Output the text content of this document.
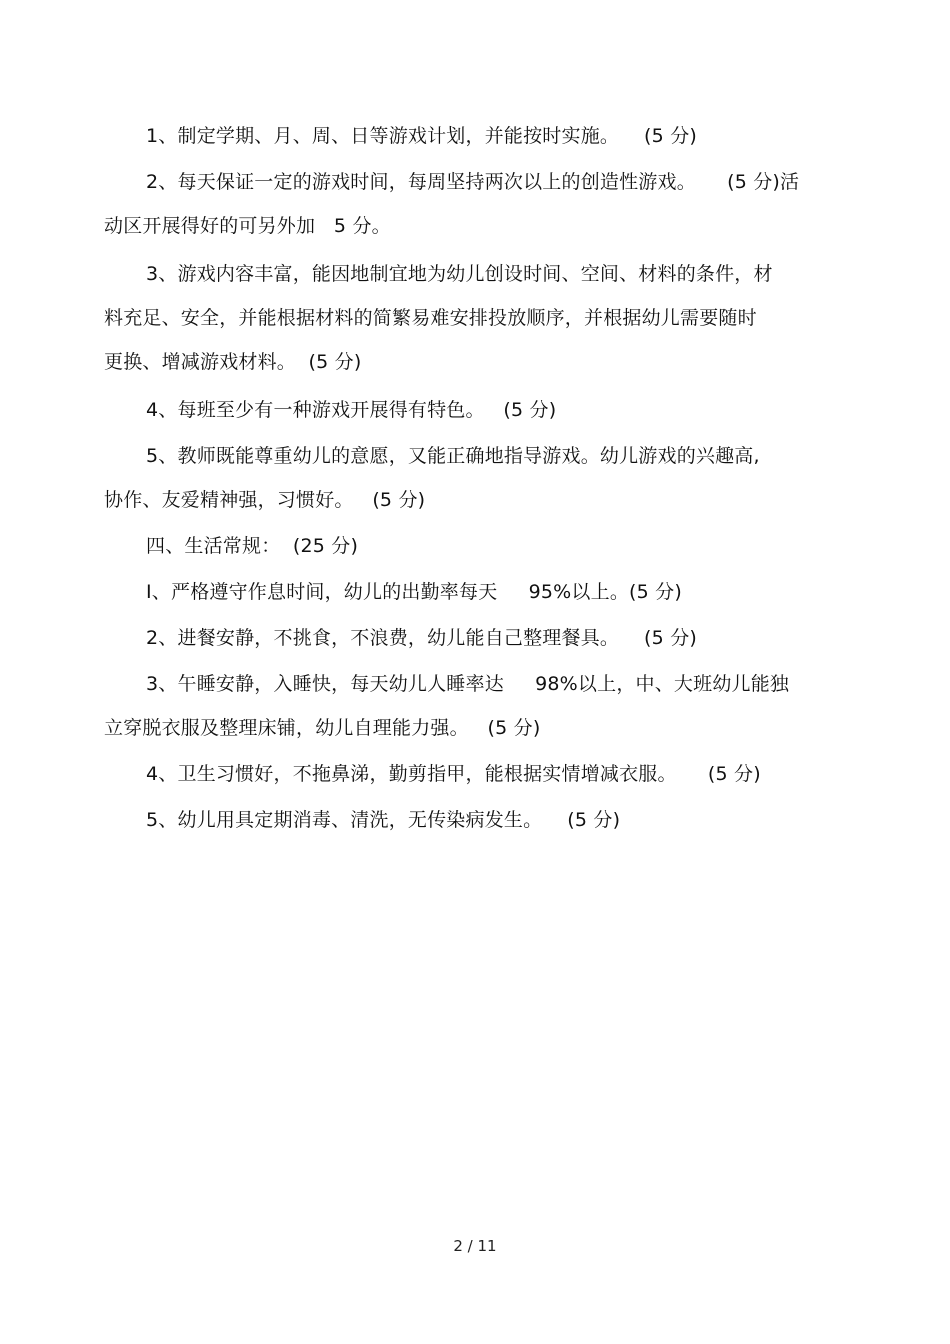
1、制定学期、月、周、日等游戏计划，并能按时实施。    (5 分)
2、每天保证一定的游戏时间，每周坚持两次以上的创造性游戏。     (5 分)活
动区开展得好的可另外加   5 分。
3、游戏内容丰富，能因地制宜地为幼儿创设时间、空间、材料的条件，材
料充足、安全，并能根据材料的简繁易难安排投放顺序，并根据幼儿需要随时
更换、增减游戏材料。  (5 分)
4、每班至少有一种游戏开展得有特色。   (5 分)
5、教师既能尊重幼儿的意愿，又能正确地指导游戏。幼儿游戏的兴趣高,
协作、友爱精神强，习惯好。   (5 分)
四、生活常规：  (25 分)
I、严格遵守作息时间，幼儿的出勤率每天     95%以上。(5 分)
2、进餐安静，不挑食，不浪费，幼儿能自己整理餐具。    (5 分)
3、午睡安静，入睡快，每天幼儿人睡率达     98%以上，中、大班幼儿能独
立穿脱衣服及整理床铺，幼儿自理能力强。   (5 分)
4、卫生习惯好，不拖鼻涕，勤剪指甲，能根据实情增减衣服。     (5 分)
5、幼儿用具定期消毒、清洗，无传染病发生。    (5 分)
2 / 11
